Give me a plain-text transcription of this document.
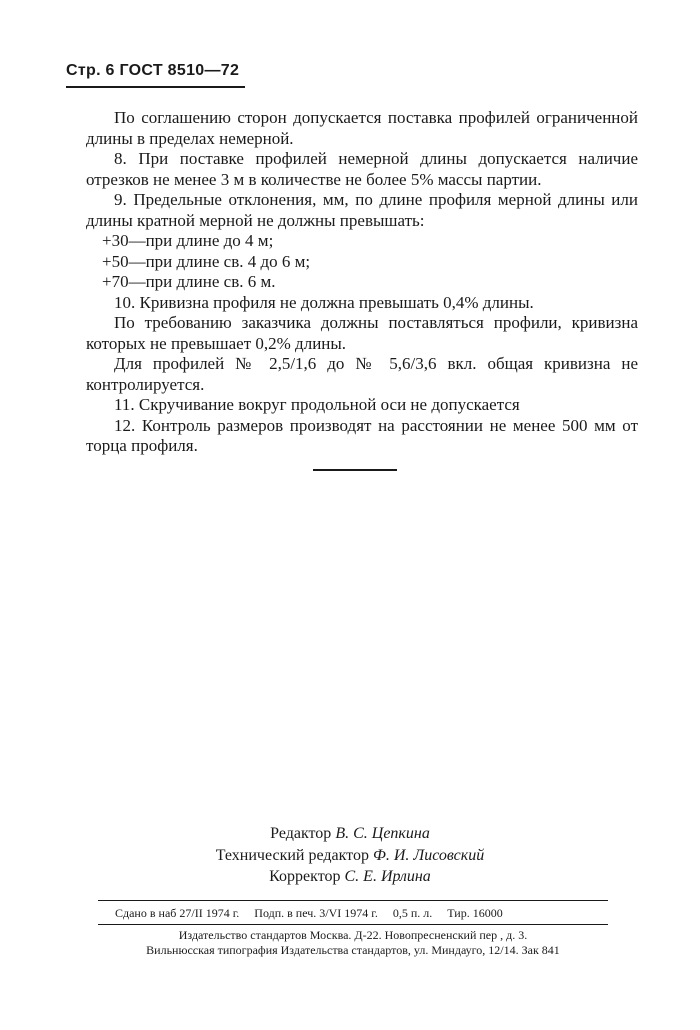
Стр. 6 ГОСТ 8510—72

По соглашению сторон допускается поставка профилей ограниченной длины в пределах немерной.

8. При поставке профилей немерной длины допускается наличие отрезков не менее 3 м в количестве не более 5% массы партии.

9. Предельные отклонения, мм, по длине профиля мерной длины или длины кратной мерной не должны превышать:

+30—при длине до 4 м;

+50—при длине св. 4 до 6 м;

+70—при длине св. 6 м.

10. Кривизна профиля не должна превышать 0,4% длины.

По требованию заказчика должны поставляться профили, кривизна которых не превышает 0,2% длины.

Для профилей № 2,5/1,6 до № 5,6/3,6 вкл. общая кривизна не контролируется.

11. Скручивание вокруг продольной оси не допускается

12. Контроль размеров производят на расстоянии не менее 500 мм от торца профиля.

Редактор В. С. Цепкина
Технический редактор Ф. И. Лисовский
Корректор С. Е. Ирлина
Сдано в наб 27/II 1974 г. Подп. в печ. 3/VI 1974 г. 0,5 п. л. Тир. 16000
Издательство стандартов Москва. Д-22. Новопресненский пер , д. 3.
Вильнюсская типография Издательства стандартов, ул. Миндауго, 12/14. Зак 841
